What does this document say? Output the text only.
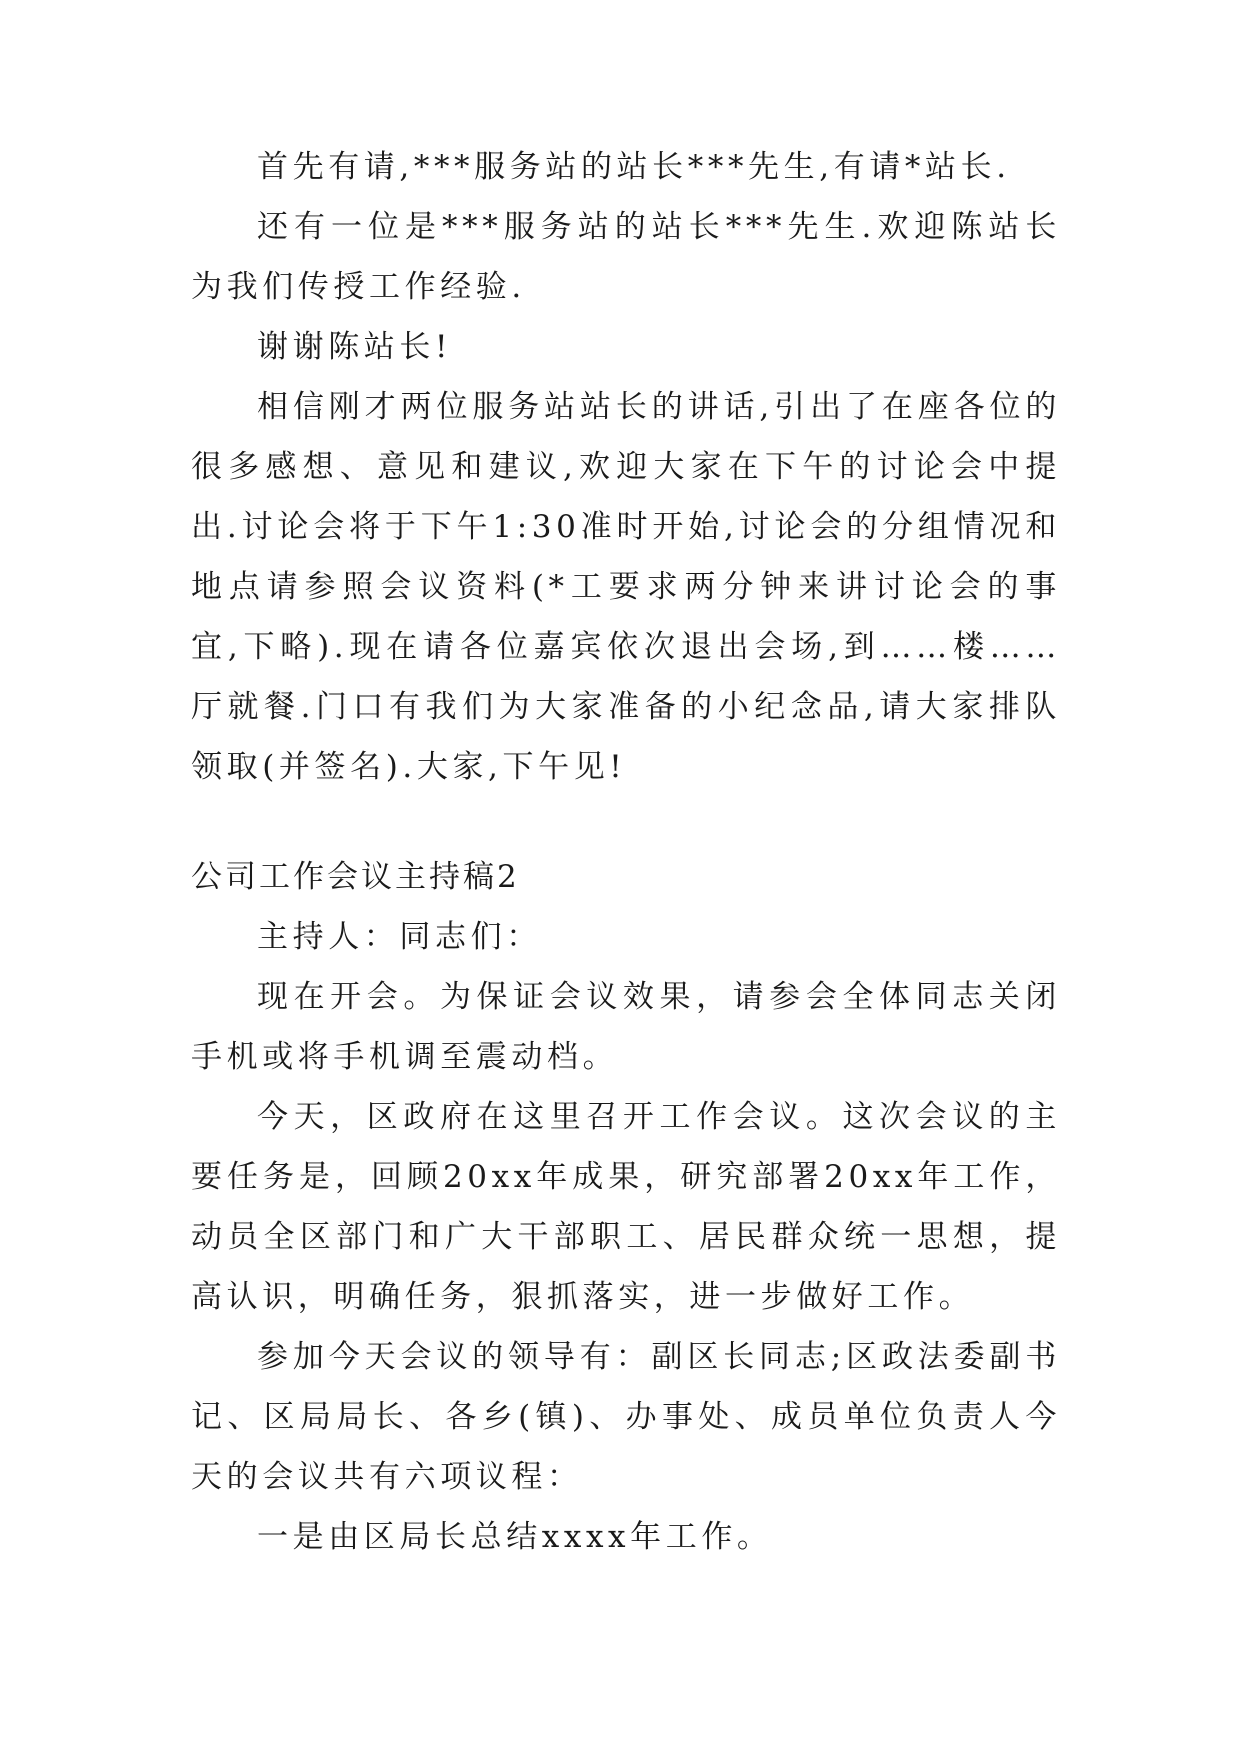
首先有请,***服务站的站长***先生,有请*站长.

还有一位是***服务站的站长***先生.欢迎陈站长为我们传授工作经验.

谢谢陈站长!

相信刚才两位服务站站长的讲话,引出了在座各位的很多感想、意见和建议,欢迎大家在下午的讨论会中提出.讨论会将于下午1:30准时开始,讨论会的分组情况和地点请参照会议资料(*工要求两分钟来讲讨论会的事宜,下略).现在请各位嘉宾依次退出会场,到……楼……厅就餐.门口有我们为大家准备的小纪念品,请大家排队领取(并签名).大家,下午见!

公司工作会议主持稿2

主持人：同志们：

现在开会。为保证会议效果，请参会全体同志关闭手机或将手机调至震动档。

今天，区政府在这里召开工作会议。这次会议的主要任务是，回顾20xx年成果，研究部署20xx年工作，动员全区部门和广大干部职工、居民群众统一思想，提高认识，明确任务，狠抓落实，进一步做好工作。

参加今天会议的领导有：副区长同志;区政法委副书记、区局局长、各乡(镇)、办事处、成员单位负责人今天的会议共有六项议程：

一是由区局长总结xxxx年工作。
